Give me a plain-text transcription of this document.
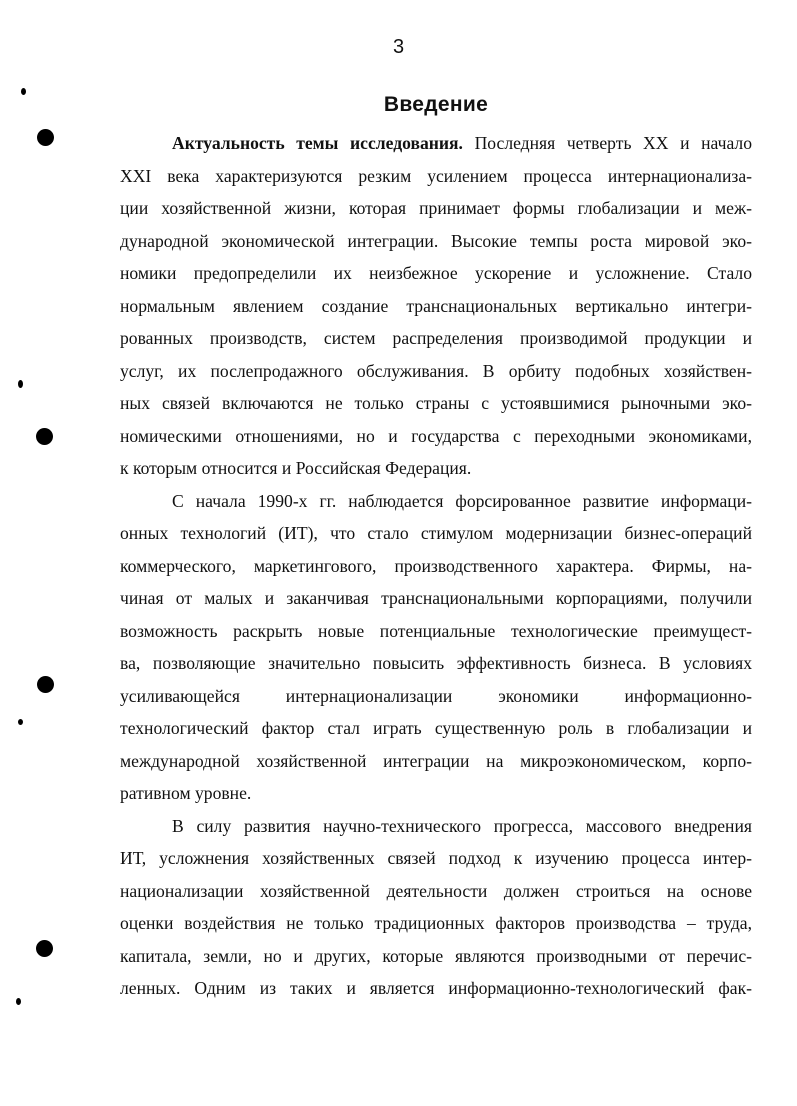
3
Введение
Актуальность темы исследования. Последняя четверть XX и начало
XXI века характеризуются резким усилением процесса интернационализа-
ции хозяйственной жизни, которая принимает формы глобализации и меж-
дународной экономической интеграции. Высокие темпы роста мировой эко-
номики предопределили их неизбежное ускорение и усложнение. Стало
нормальным явлением создание транснациональных вертикально интегри-
рованных производств, систем распределения производимой продукции и
услуг, их послепродажного обслуживания. В орбиту подобных хозяйствен-
ных связей включаются не только страны с устоявшимися рыночными эко-
номическими отношениями, но и государства с переходными экономиками,
к которым относится и Российская Федерация.
С начала 1990-х гг. наблюдается форсированное развитие информаци-
онных технологий (ИТ), что стало стимулом модернизации бизнес-операций
коммерческого, маркетингового, производственного характера. Фирмы, на-
чиная от малых и заканчивая транснациональными корпорациями, получили
возможность раскрыть новые потенциальные технологические преимущест-
ва, позволяющие значительно повысить эффективность бизнеса. В условиях
усиливающейся интернационализации экономики информационно-
технологический фактор стал играть существенную роль в глобализации и
международной хозяйственной интеграции на микроэкономическом, корпо-
ративном уровне.
В силу развития научно-технического прогресса, массового внедрения
ИТ, усложнения хозяйственных связей подход к изучению процесса интер-
национализации хозяйственной деятельности должен строиться на основе
оценки воздействия не только традиционных факторов производства – труда,
капитала, земли, но и других, которые являются производными от перечис-
ленных. Одним из таких и является информационно-технологический фак-
